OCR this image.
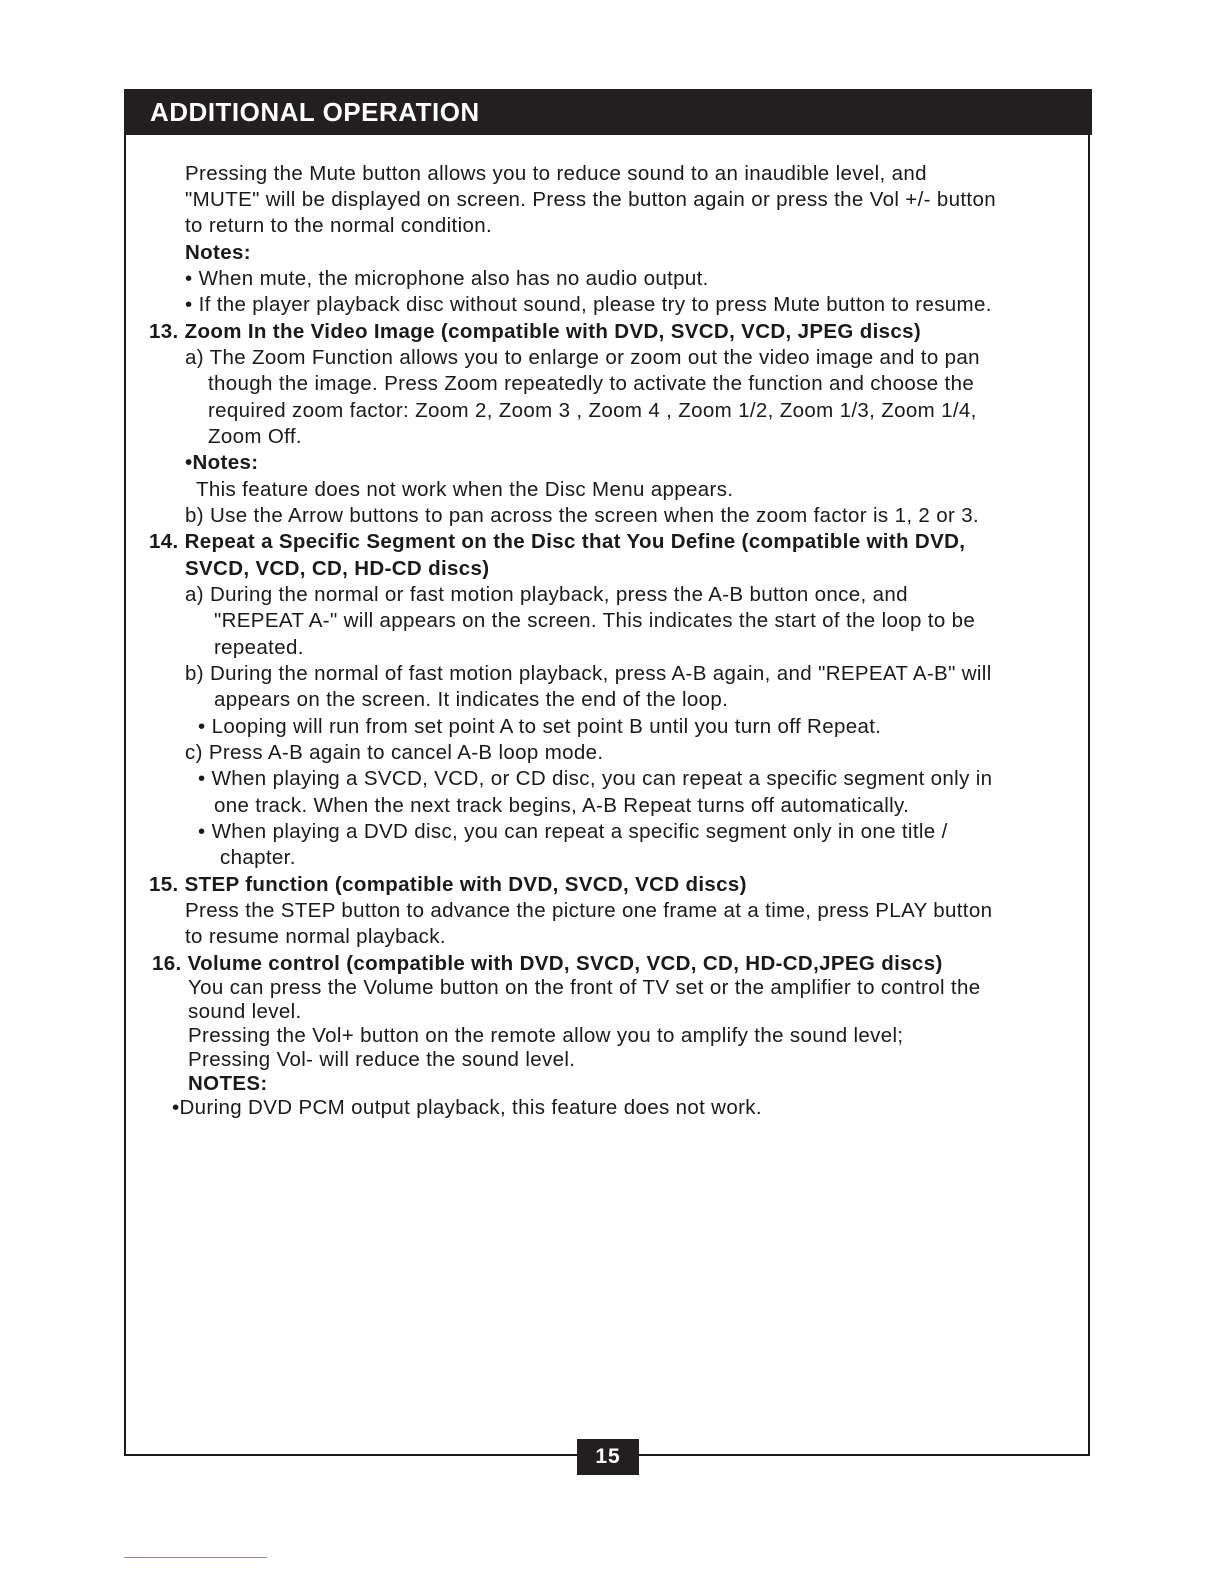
ADDITIONAL OPERATION
Pressing the Mute button allows you to reduce sound to an inaudible level, and
"MUTE" will be displayed on screen. Press the button again or press the Vol +/- button
to return to the normal condition.
Notes:
• When mute, the microphone also has no audio output.
• If the player playback disc without sound, please try to press Mute button to resume.
13. Zoom In the Video Image (compatible with DVD, SVCD, VCD, JPEG discs)
a) The Zoom Function allows you to enlarge or zoom out the video image and to pan
though the image. Press Zoom repeatedly to activate the function and choose the
required zoom factor: Zoom 2, Zoom 3 , Zoom 4 , Zoom 1/2, Zoom 1/3, Zoom 1/4,
Zoom Off.
•Notes:
This feature does not work when the Disc Menu appears.
b) Use the Arrow buttons to pan across the screen when the zoom factor is 1, 2 or 3.
14. Repeat a Specific Segment on the Disc that You Define (compatible with DVD,
SVCD, VCD, CD, HD-CD discs)
a) During the normal or fast motion playback, press the A-B button once, and
"REPEAT A-" will appears on the screen. This indicates the start of the loop to be
repeated.
b) During the normal of fast motion playback, press A-B again, and "REPEAT A-B" will
appears on the screen. It indicates the end of the loop.
• Looping will run from set point A to set point B until you turn off Repeat.
c) Press A-B again to cancel A-B loop mode.
• When playing a SVCD, VCD, or CD disc, you can repeat a specific segment only in
one track. When the next track begins, A-B Repeat turns off automatically.
• When playing a DVD disc, you can repeat a specific segment only in one title /
chapter.
15. STEP function (compatible with DVD, SVCD, VCD discs)
Press the STEP button to advance the picture one frame at a time, press PLAY button
to resume normal playback.
16. Volume control (compatible with DVD, SVCD, VCD, CD, HD-CD,JPEG discs)
You can press the Volume button on the front of TV set or the amplifier to control the
sound level.
Pressing the Vol+ button on the remote allow you to amplify the sound level;
Pressing Vol- will reduce the sound level.
NOTES:
•During DVD PCM output playback, this feature does not work.
15
